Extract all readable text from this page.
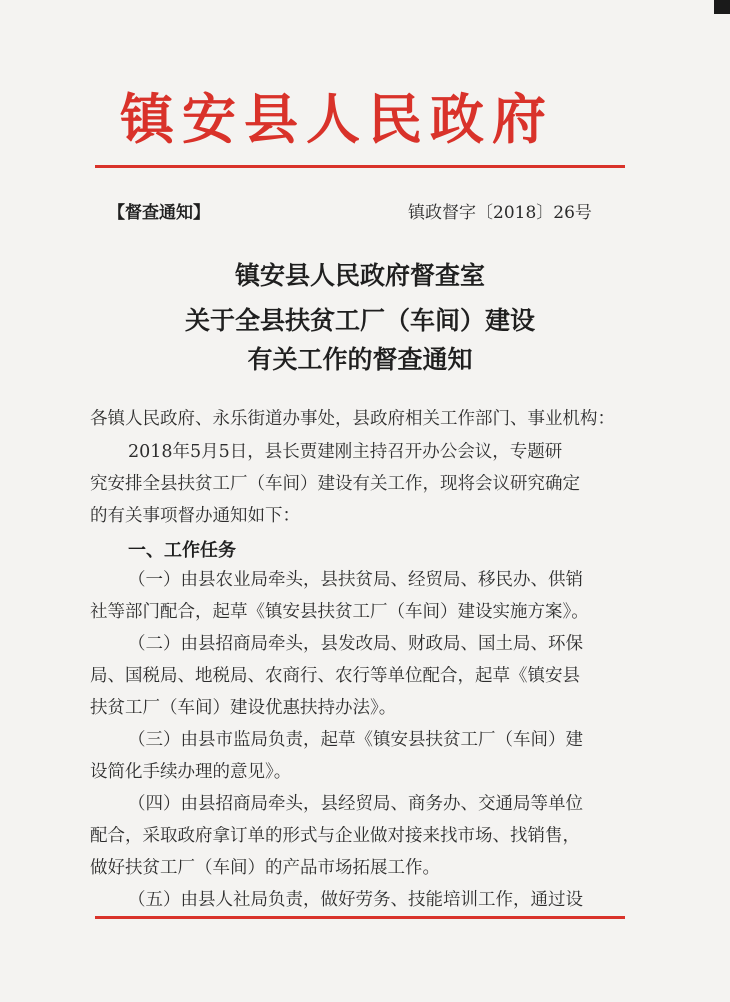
镇安县人民政府
【督查通知】	镇政督字〔2018〕26号
镇安县人民政府督查室
关于全县扶贫工厂（车间）建设
有关工作的督查通知
各镇人民政府、永乐街道办事处，县政府相关工作部门、事业机构：
2018年5月5日，县长贾建刚主持召开办公会议，专题研
究安排全县扶贫工厂（车间）建设有关工作，现将会议研究确定
的有关事项督办通知如下：
一、工作任务
（一）由县农业局牵头，县扶贫局、经贸局、移民办、供销
社等部门配合，起草《镇安县扶贫工厂（车间）建设实施方案》。
（二）由县招商局牵头，县发改局、财政局、国土局、环保
局、国税局、地税局、农商行、农行等单位配合，起草《镇安县
扶贫工厂（车间）建设优惠扶持办法》。
（三）由县市监局负责，起草《镇安县扶贫工厂（车间）建
设简化手续办理的意见》。
（四）由县招商局牵头，县经贸局、商务办、交通局等单位
配合，采取政府拿订单的形式与企业做对接来找市场、找销售，
做好扶贫工厂（车间）的产品市场拓展工作。
（五）由县人社局负责，做好劳务、技能培训工作，通过设
